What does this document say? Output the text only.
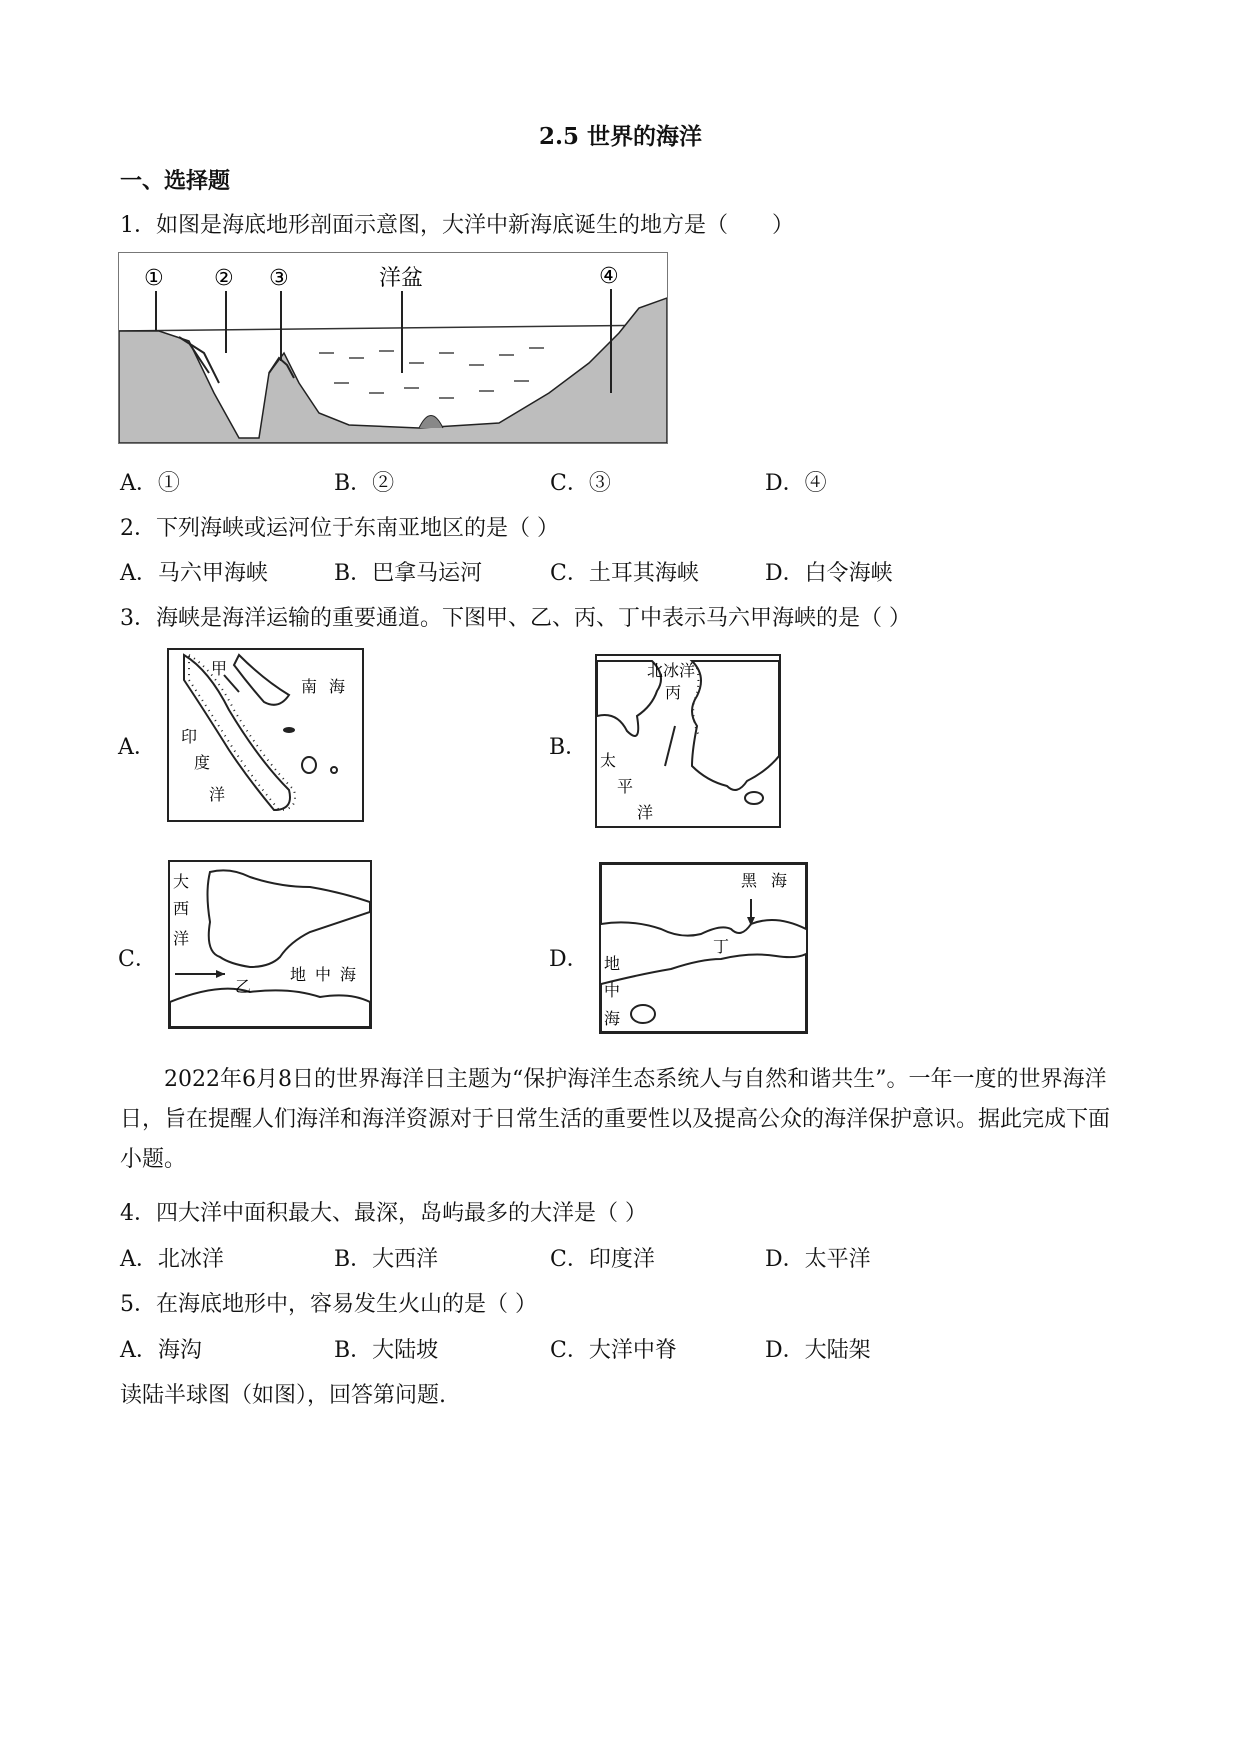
2.5 世界的海洋
一、选择题
1．如图是海底地形剖面示意图，大洋中新海底诞生的地方是（　　）
① ② ③	洋盆	④
A．①	B．②	C．③	D．④
2．下列海峡或运河位于东南亚地区的是（ ）
A．马六甲海峡	B．巴拿马运河	C．土耳其海峡	D．白令海峡
3．海峡是海洋运输的重要通道。下图甲、乙、丙、丁中表示马六甲海峡的是（ ）
A．
甲
南 海
印
度
洋
B．
北冰洋
丙
太
平
洋
C．
大
西
洋
乙
地 中 海
D．
黑 海
丁
地
中
海
2022年6月8日的世界海洋日主题为“保护海洋生态系统人与自然和谐共生”。一年一度的世界海洋日，旨在提醒人们海洋和海洋资源对于日常生活的重要性以及提高公众的海洋保护意识。据此完成下面小题。
4．四大洋中面积最大、最深，岛屿最多的大洋是（ ）
A．北冰洋	B．大西洋	C．印度洋	D．太平洋
5．在海底地形中，容易发生火山的是（ ）
A．海沟	B．大陆坡	C．大洋中脊	D．大陆架
读陆半球图（如图），回答第问题.
